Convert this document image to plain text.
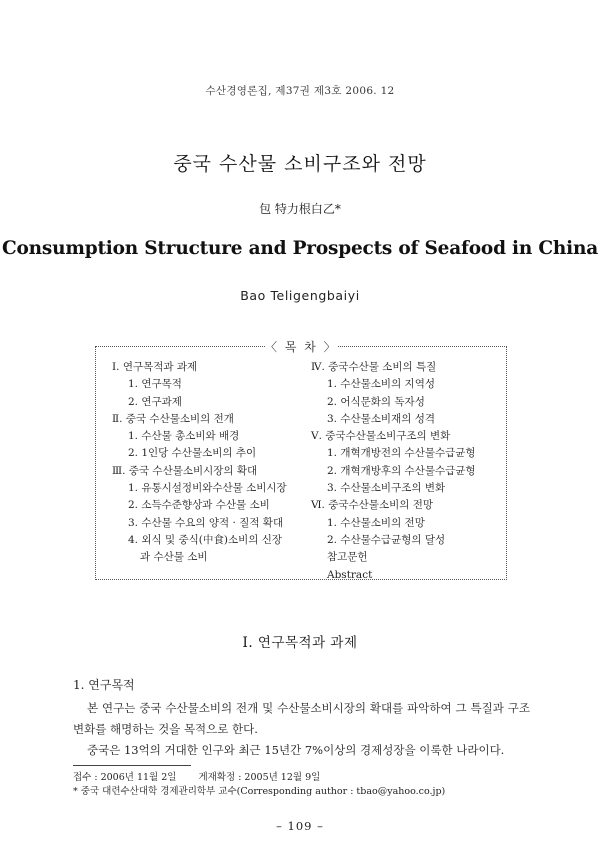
수산경영론집, 제37권 제3호 2006. 12
중국 수산물 소비구조와 전망
包 特力根白乙*
Consumption Structure and Prospects of Seafood in China
Bao Teligengbaiyi
〈 목 차 〉
Ⅰ. 연구목적과 과제
1. 연구목적
2. 연구과제
Ⅱ. 중국 수산물소비의 전개
1. 수산물 총소비와 배경
2. 1인당 수산물소비의 추이
Ⅲ. 중국 수산물소비시장의 확대
1. 유통시설정비와수산물 소비시장
2. 소득수준향상과 수산물 소비
3. 수산물 수요의 양적 · 질적 확대
4. 외식 및 중식(中食)소비의 신장
과 수산물 소비
Ⅳ. 중국수산물 소비의 특질
1. 수산물소비의 지역성
2. 어식문화의 독자성
3. 수산물소비재의 성격
Ⅴ. 중국수산물소비구조의 변화
1. 개혁개방전의 수산물수급균형
2. 개혁개방후의 수산물수급균형
3. 수산물소비구조의 변화
Ⅵ. 중국수산물소비의 전망
1. 수산물소비의 전망
2. 수산물수급균형의 달성
참고문헌
Abstract
Ⅰ. 연구목적과 과제
1. 연구목적
본 연구는 중국 수산물소비의 전개 및 수산물소비시장의 확대를 파악하여 그 특질과 구조변화를 해명하는 것을 목적으로 한다.
중국은 13억의 거대한 인구와 최근 15년간 7%이상의 경제성장을 이룩한 나라이다.
접수 : 2006년 11월 2일 게재확정 : 2005년 12월 9일
* 중국 대련수산대학 경제관리학부 교수(Corresponding author : tbao@yahoo.co.jp)
– 109 –
